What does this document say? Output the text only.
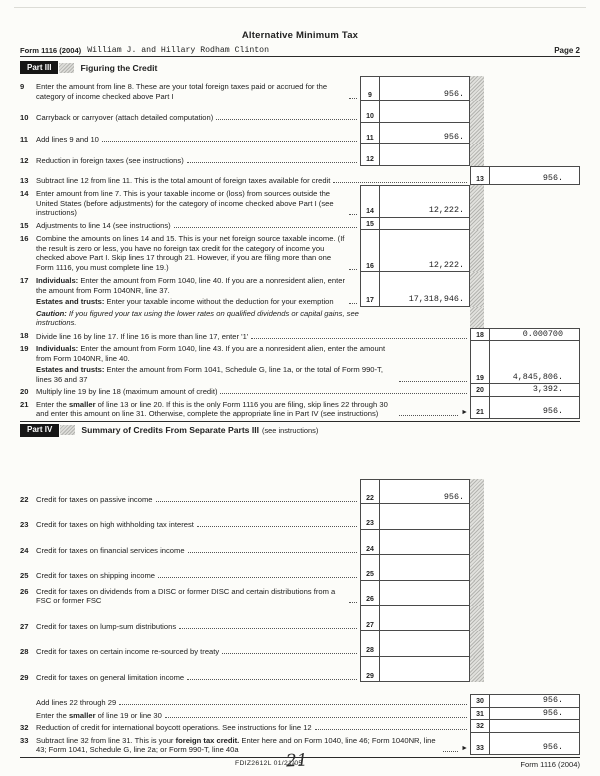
Alternative Minimum Tax
Form 1116 (2004) William J. and Hillary Rodham Clinton	Page 2
Part III	Figuring the Credit
9	Enter the amount from line 8. These are your total foreign taxes paid or accrued for the category of income checked above Part I	9	956.
10 Carryback or carryover (attach detailed computation)	10
11	Add lines 9 and 10	11	956.
12 Reduction in foreign taxes (see instructions)	12
13 Subtract line 12 from line 11. This is the total amount of foreign taxes available for credit	13	956.
14 Enter amount from line 7. This is your taxable income or (loss) from sources outside the United States (before adjustments) for the category of income checked above Part I (see instructions)	14	12,222.
15 Adjustments to line 14 (see instructions)	15
16 Combine the amounts on lines 14 and 15. This is your net foreign source taxable income. (If the result is zero or less, you have no foreign tax credit for the category of income you checked above Part I. Skip lines 17 through 21. However, if you are filing more than one Form 1116, you must complete line 19.)	16	12,222.
17 Individuals: Enter the amount from Form 1040, line 40. If you are a nonresident alien, enter the amount from Form 1040NR, line 37.
Estates and trusts: Enter your taxable income without the deduction for your exemption	17	17,318,946.
Caution: If you figured your tax using the lower rates on qualified dividends or capital gains, see instructions.
18 Divide line 16 by line 17. If line 16 is more than line 17, enter '1'	18	0.000700
19 Individuals: Enter the amount from Form 1040, line 43. If you are a nonresident alien, enter the amount from Form 1040NR, line 40.
Estates and trusts: Enter the amount from Form 1041, Schedule G, line 1a, or the total of Form 990-T, lines 36 and 37	19	4,845,806.
20 Multiply line 19 by line 18 (maximum amount of credit)	20	3,392.
21 Enter the smaller of line 13 or line 20. If this is the only Form 1116 you are filing, skip lines 22 through 30 and enter this amount on line 31. Otherwise, complete the appropriate line in Part IV (see instructions)	►	21	956.
Part IV	Summary of Credits From Separate Parts III (see instructions)
22 Credit for taxes on passive income	22	956.
23 Credit for taxes on high withholding tax interest	23
24 Credit for taxes on financial services income	24
25 Credit for taxes on shipping income	25
26 Credit for taxes on dividends from a DISC or former DISC and certain distributions from a FSC or former FSC	26
27 Credit for taxes on lump-sum distributions	27
28 Credit for taxes on certain income re-sourced by treaty	28
29 Credit for taxes on general limitation income	29
Add lines 22 through 29	30	956.
Enter the smaller of line 19 or line 30	31	956.
32 Reduction of credit for international boycott operations. See instructions for line 12	32
33 Subtract line 32 from line 31. This is your foreign tax credit. Enter here and on Form 1040, line 46; Form 1040NR, line 43; Form 1041, Schedule G, line 2a; or Form 990-T, line 40a	►	33	956.
FDIZ2612L 01/21/05	Form 1116 (2004)
21
